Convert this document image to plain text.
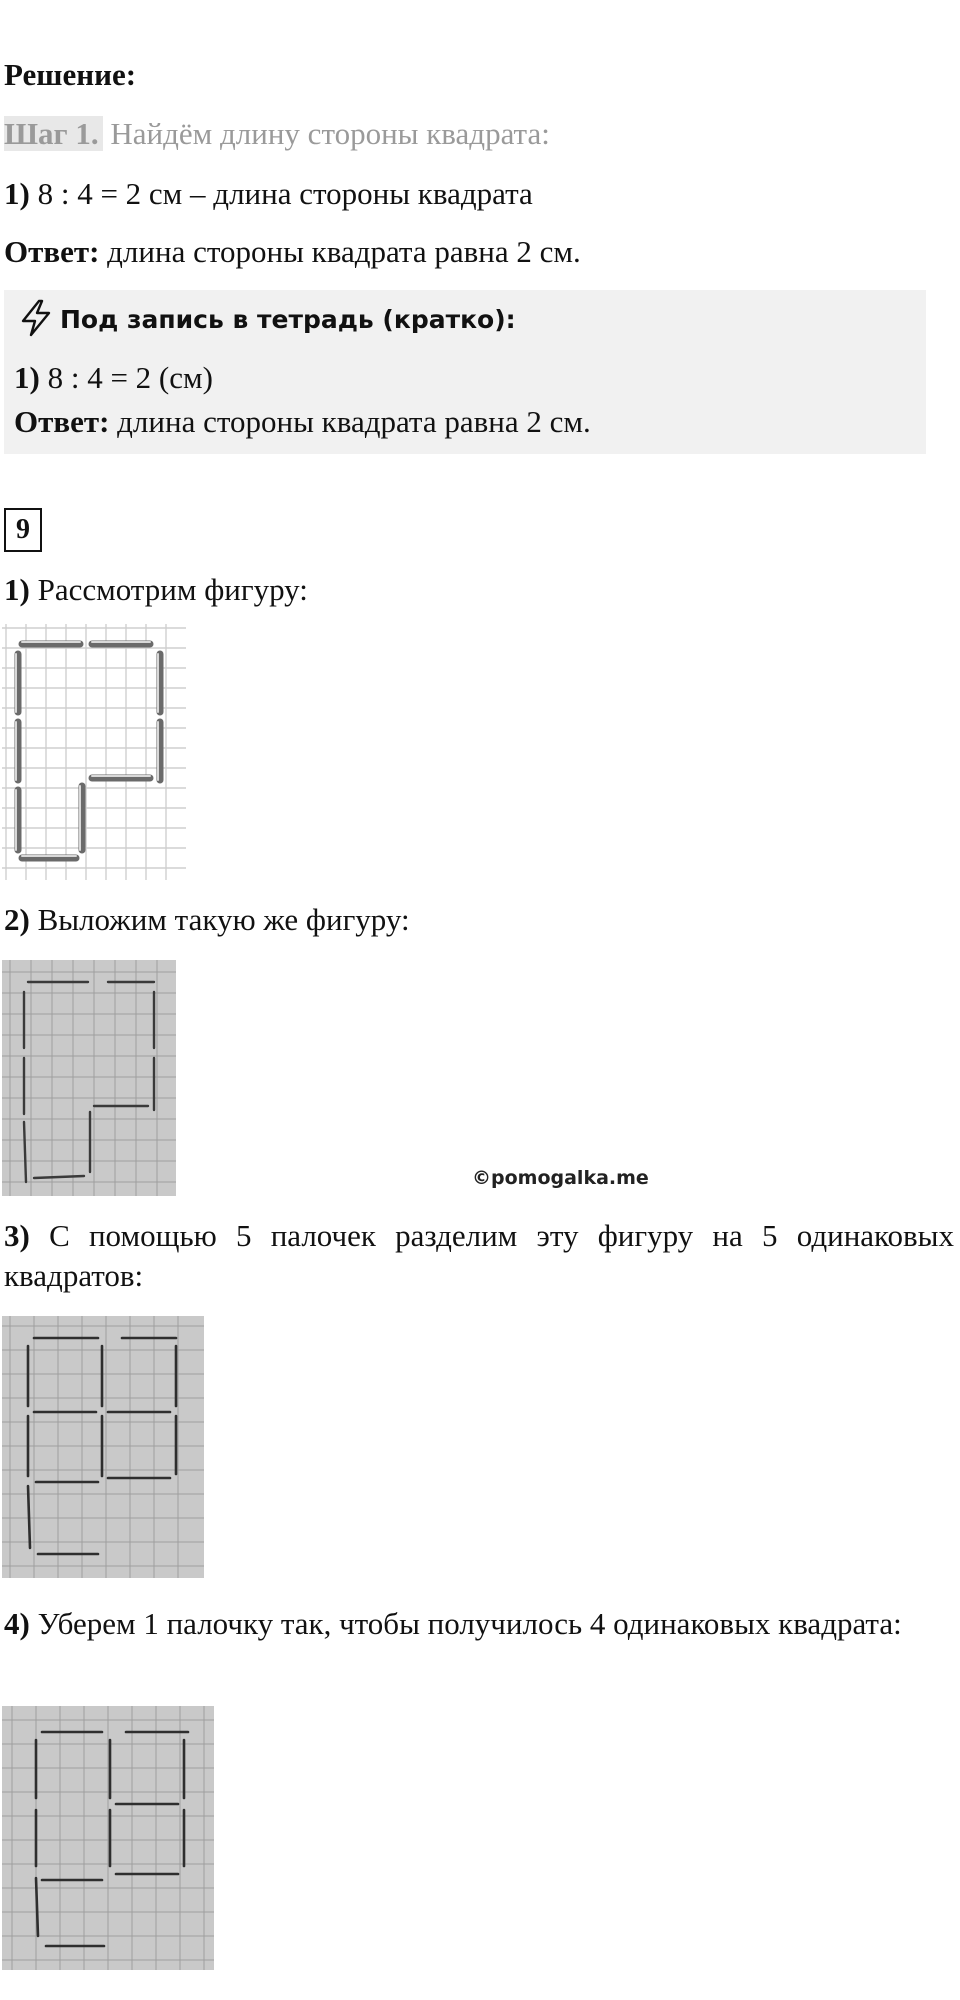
Решение:
Шаг 1. Найдём длину стороны квадрата:
1) 8 : 4 = 2 см – длина стороны квадрата
Ответ: длина стороны квадрата равна 2 см.
Под запись в тетрадь (кратко):
1) 8 : 4 = 2 (см)
Ответ: длина стороны квадрата равна 2 см.
9
1) Рассмотрим фигуру:
2) Выложим такую же фигуру:
©pomogalka.me
3) С помощью 5 палочек разделим эту фигуру на 5 одинаковых квадратов:
4) Уберем 1 палочку так, чтобы получилось 4 одинаковых квадрата:
